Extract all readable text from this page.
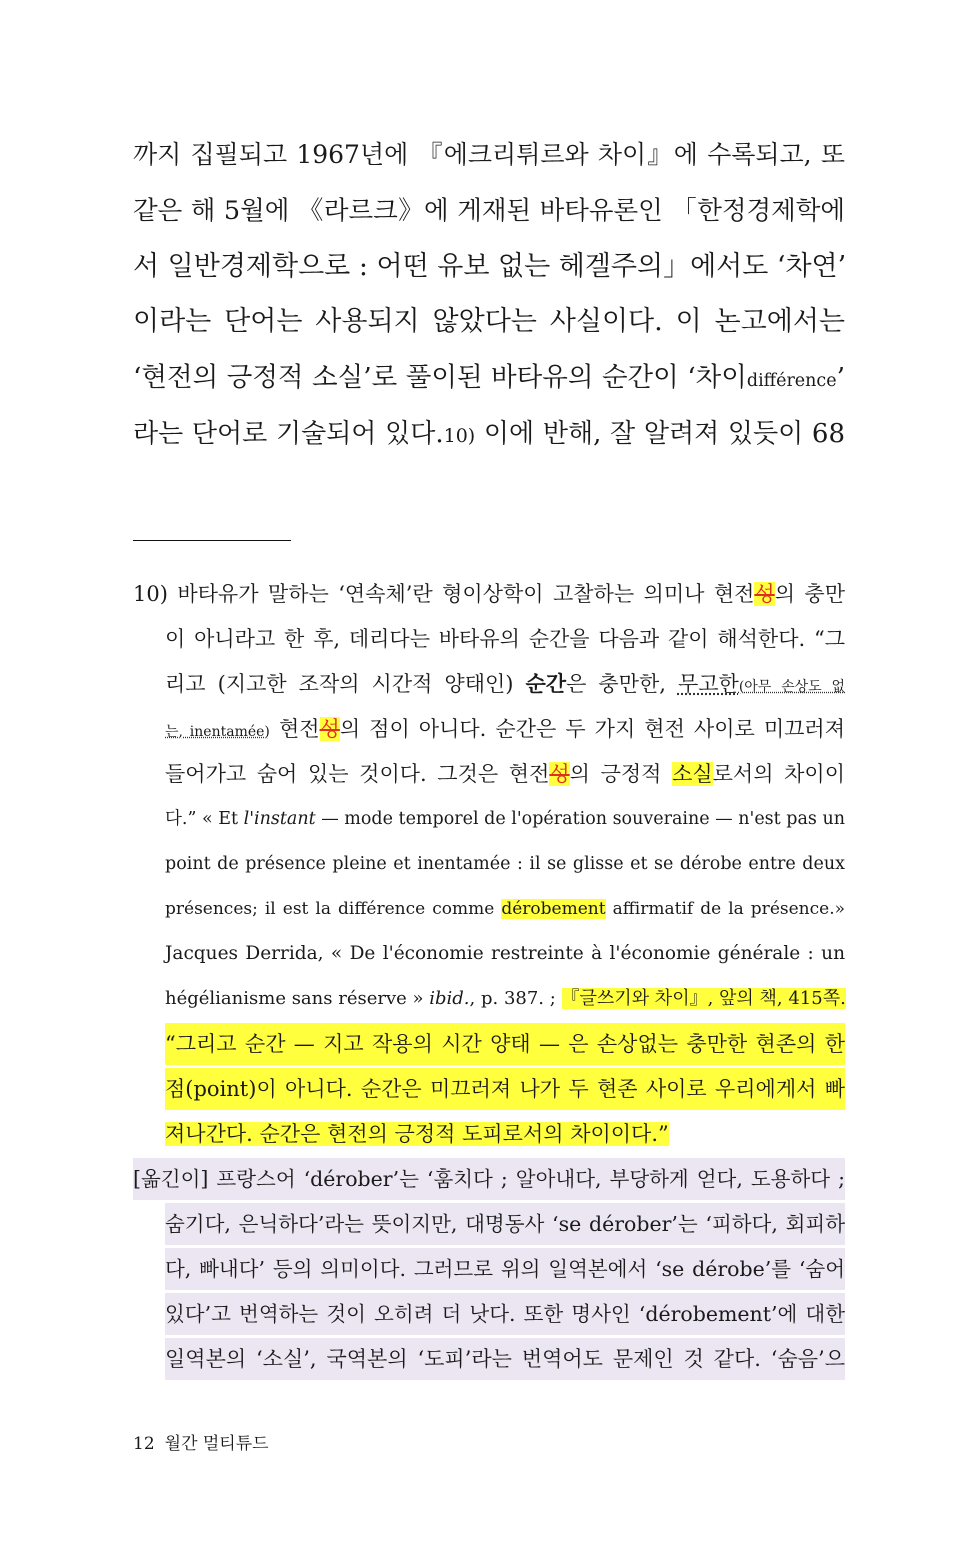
까지 집필되고 1967년에 『에크리튀르와 차이』에 수록되고, 또
같은 해 5월에 《라르크》에 게재된 바타유론인 「한정경제학에
서 일반경제학으로 : 어떤 유보 없는 헤겔주의」에서도 ‘차연’
이라는 단어는 사용되지 않았다는 사실이다. 이 논고에서는
‘현전의 긍정적 소실’로 풀이된 바타유의 순간이 ‘차이différence’
라는 단어로 기술되어 있다.10) 이에 반해, 잘 알려져 있듯이 68
10) 바타유가 말하는 ‘연속체’란 형이상학이 고찰하는 의미나 현전성의 충만
이 아니라고 한 후, 데리다는 바타유의 순간을 다음과 같이 해석한다. “그
리고 (지고한 조작의 시간적 양태인) 순간은 충만한, 무고한(아무 손상도 없
는, inentamée) 현전성의 점이 아니다. 순간은 두 가지 현전 사이로 미끄러져
들어가고 숨어 있는 것이다. 그것은 현전성의 긍정적 소실로서의 차이이
다.” « Et l'instant — mode temporel de l'opération souveraine — n'est pas un
point de présence pleine et inentamée : il se glisse et se dérobe entre deux
présences; il est la différence comme dérobement affirmatif de la présence.»
Jacques Derrida, « De l'économie restreinte à l'économie générale : un
hégélianisme sans réserve » ibid., p. 387. ; 『글쓰기와 차이』, 앞의 책, 415쪽.
“그리고 순간 — 지고 작용의 시간 양태 — 은 손상없는 충만한 현존의 한
점(point)이 아니다. 순간은 미끄러져 나가 두 현존 사이로 우리에게서 빠
져나간다. 순간은 현전의 긍정적 도피로서의 차이이다.”
[옮긴이] 프랑스어 ‘dérober’는 ‘훔치다 ; 알아내다, 부당하게 얻다, 도용하다 ;
숨기다, 은닉하다’라는 뜻이지만, 대명동사 ‘se dérober’는 ‘피하다, 회피하
다, 빠내다’ 등의 의미이다. 그러므로 위의 일역본에서 ‘se dérobe’를 ‘숨어
있다’고 번역하는 것이 오히려 더 낫다. 또한 명사인 ‘dérobement’에 대한
일역본의 ‘소실’, 국역본의 ‘도피’라는 번역어도 문제인 것 같다. ‘숨음’으
12 월간 멀티튜드
